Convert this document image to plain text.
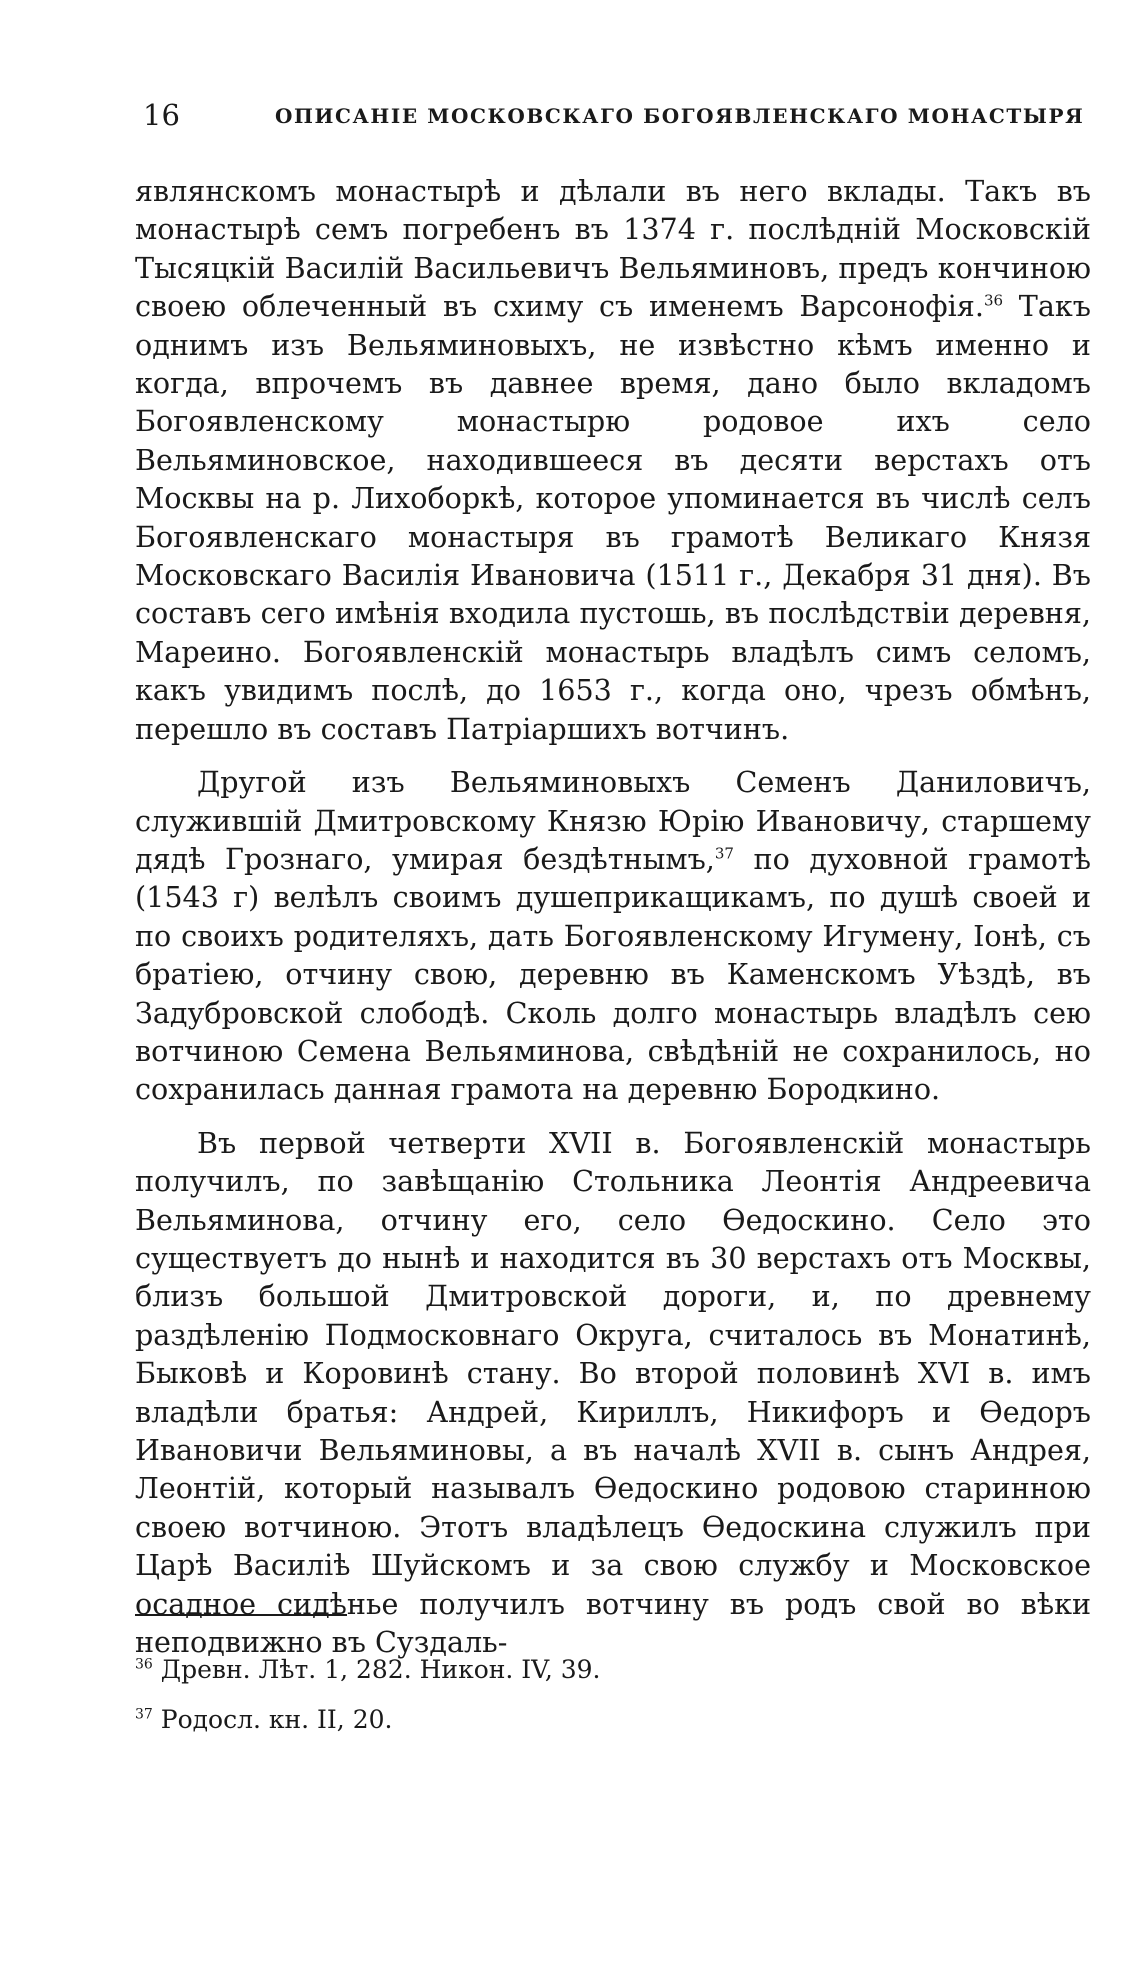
16	ОПИСАНІЕ МОСКОВСКАГО БОГОЯВЛЕНСКАГО МОНАСТЫРЯ

являнскомъ монастырѣ и дѣлали въ него вклады. Такъ въ монастырѣ семъ погребенъ въ 1374 г. послѣдній Московскій Тысяцкій Василій Васильевичъ Вельяминовъ, предъ кончиною своею облеченный въ схиму съ именемъ Варсонофія.$^{36}$ Такъ однимъ изъ Вельяминовыхъ, не извѣстно кѣмъ именно и когда, впрочемъ въ давнее время, дано было вкладомъ Богоявленскому монастырю родовое ихъ село Вельяминовское, находившееся въ десяти верстахъ отъ Москвы на р. Лихоборкѣ, которое упоминается въ числѣ селъ Богоявленскаго монастыря въ грамотѣ Великаго Князя Московскаго Василія Ивановича (1511 г., Декабря 31 дня). Въ составъ сего имѣнія входила пустошь, въ послѣдствіи деревня, Мареино. Богоявленскій монастырь владѣлъ симъ селомъ, какъ увидимъ послѣ, до 1653 г., когда оно, чрезъ обмѣнъ, перешло въ составъ Патріаршихъ вотчинъ.

Другой изъ Вельяминовыхъ Семенъ Даниловичъ, служившій Дмитровскому Князю Юрію Ивановичу, старшему дядѣ Грознаго, умирая бездѣтнымъ,$^{37}$ по духовной грамотѣ (1543 г) велѣлъ своимъ душеприкащикамъ, по душѣ своей и по своихъ родителяхъ, дать Богоявленскому Игумену, Іонѣ, съ братіею, отчину свою, деревню въ Каменскомъ Уѣздѣ, въ Задубровской слободѣ. Сколь долго монастырь владѣлъ сею вотчиною Семена Вельяминова, свѣдѣній не сохранилось, но сохранилась данная грамота на деревню Бородкино.

Въ первой четверти XVII в. Богоявленскій монастырь получилъ, по завѣщанію Стольника Леонтія Андреевича Вельяминова, отчину его, село Ѳедоскино. Село это существуетъ до нынѣ и находится въ 30 верстахъ отъ Москвы, близъ большой Дмитровской дороги, и, по древнему раздѣленію Подмосковнаго Округа, считалось въ Монатинѣ, Быковѣ и Коровинѣ стану. Во второй половинѣ XVI в. имъ владѣли братья: Андрей, Кириллъ, Никифоръ и Ѳедоръ Ивановичи Вельяминовы, а въ началѣ XVII в. сынъ Андрея, Леонтій, который называлъ Ѳедоскино родовою старинною своею вотчиною. Этотъ владѣлецъ Ѳедоскина служилъ при Царѣ Василіѣ Шуйскомъ и за свою службу и Московское осадное сидѣнье получилъ вотчину въ родъ свой во вѣки неподвижно въ Суздаль-

$^{36}$ Древн. Лѣт. 1, 282. Никон. IV, 39.
$^{37}$ Родосл. кн. II, 20.
